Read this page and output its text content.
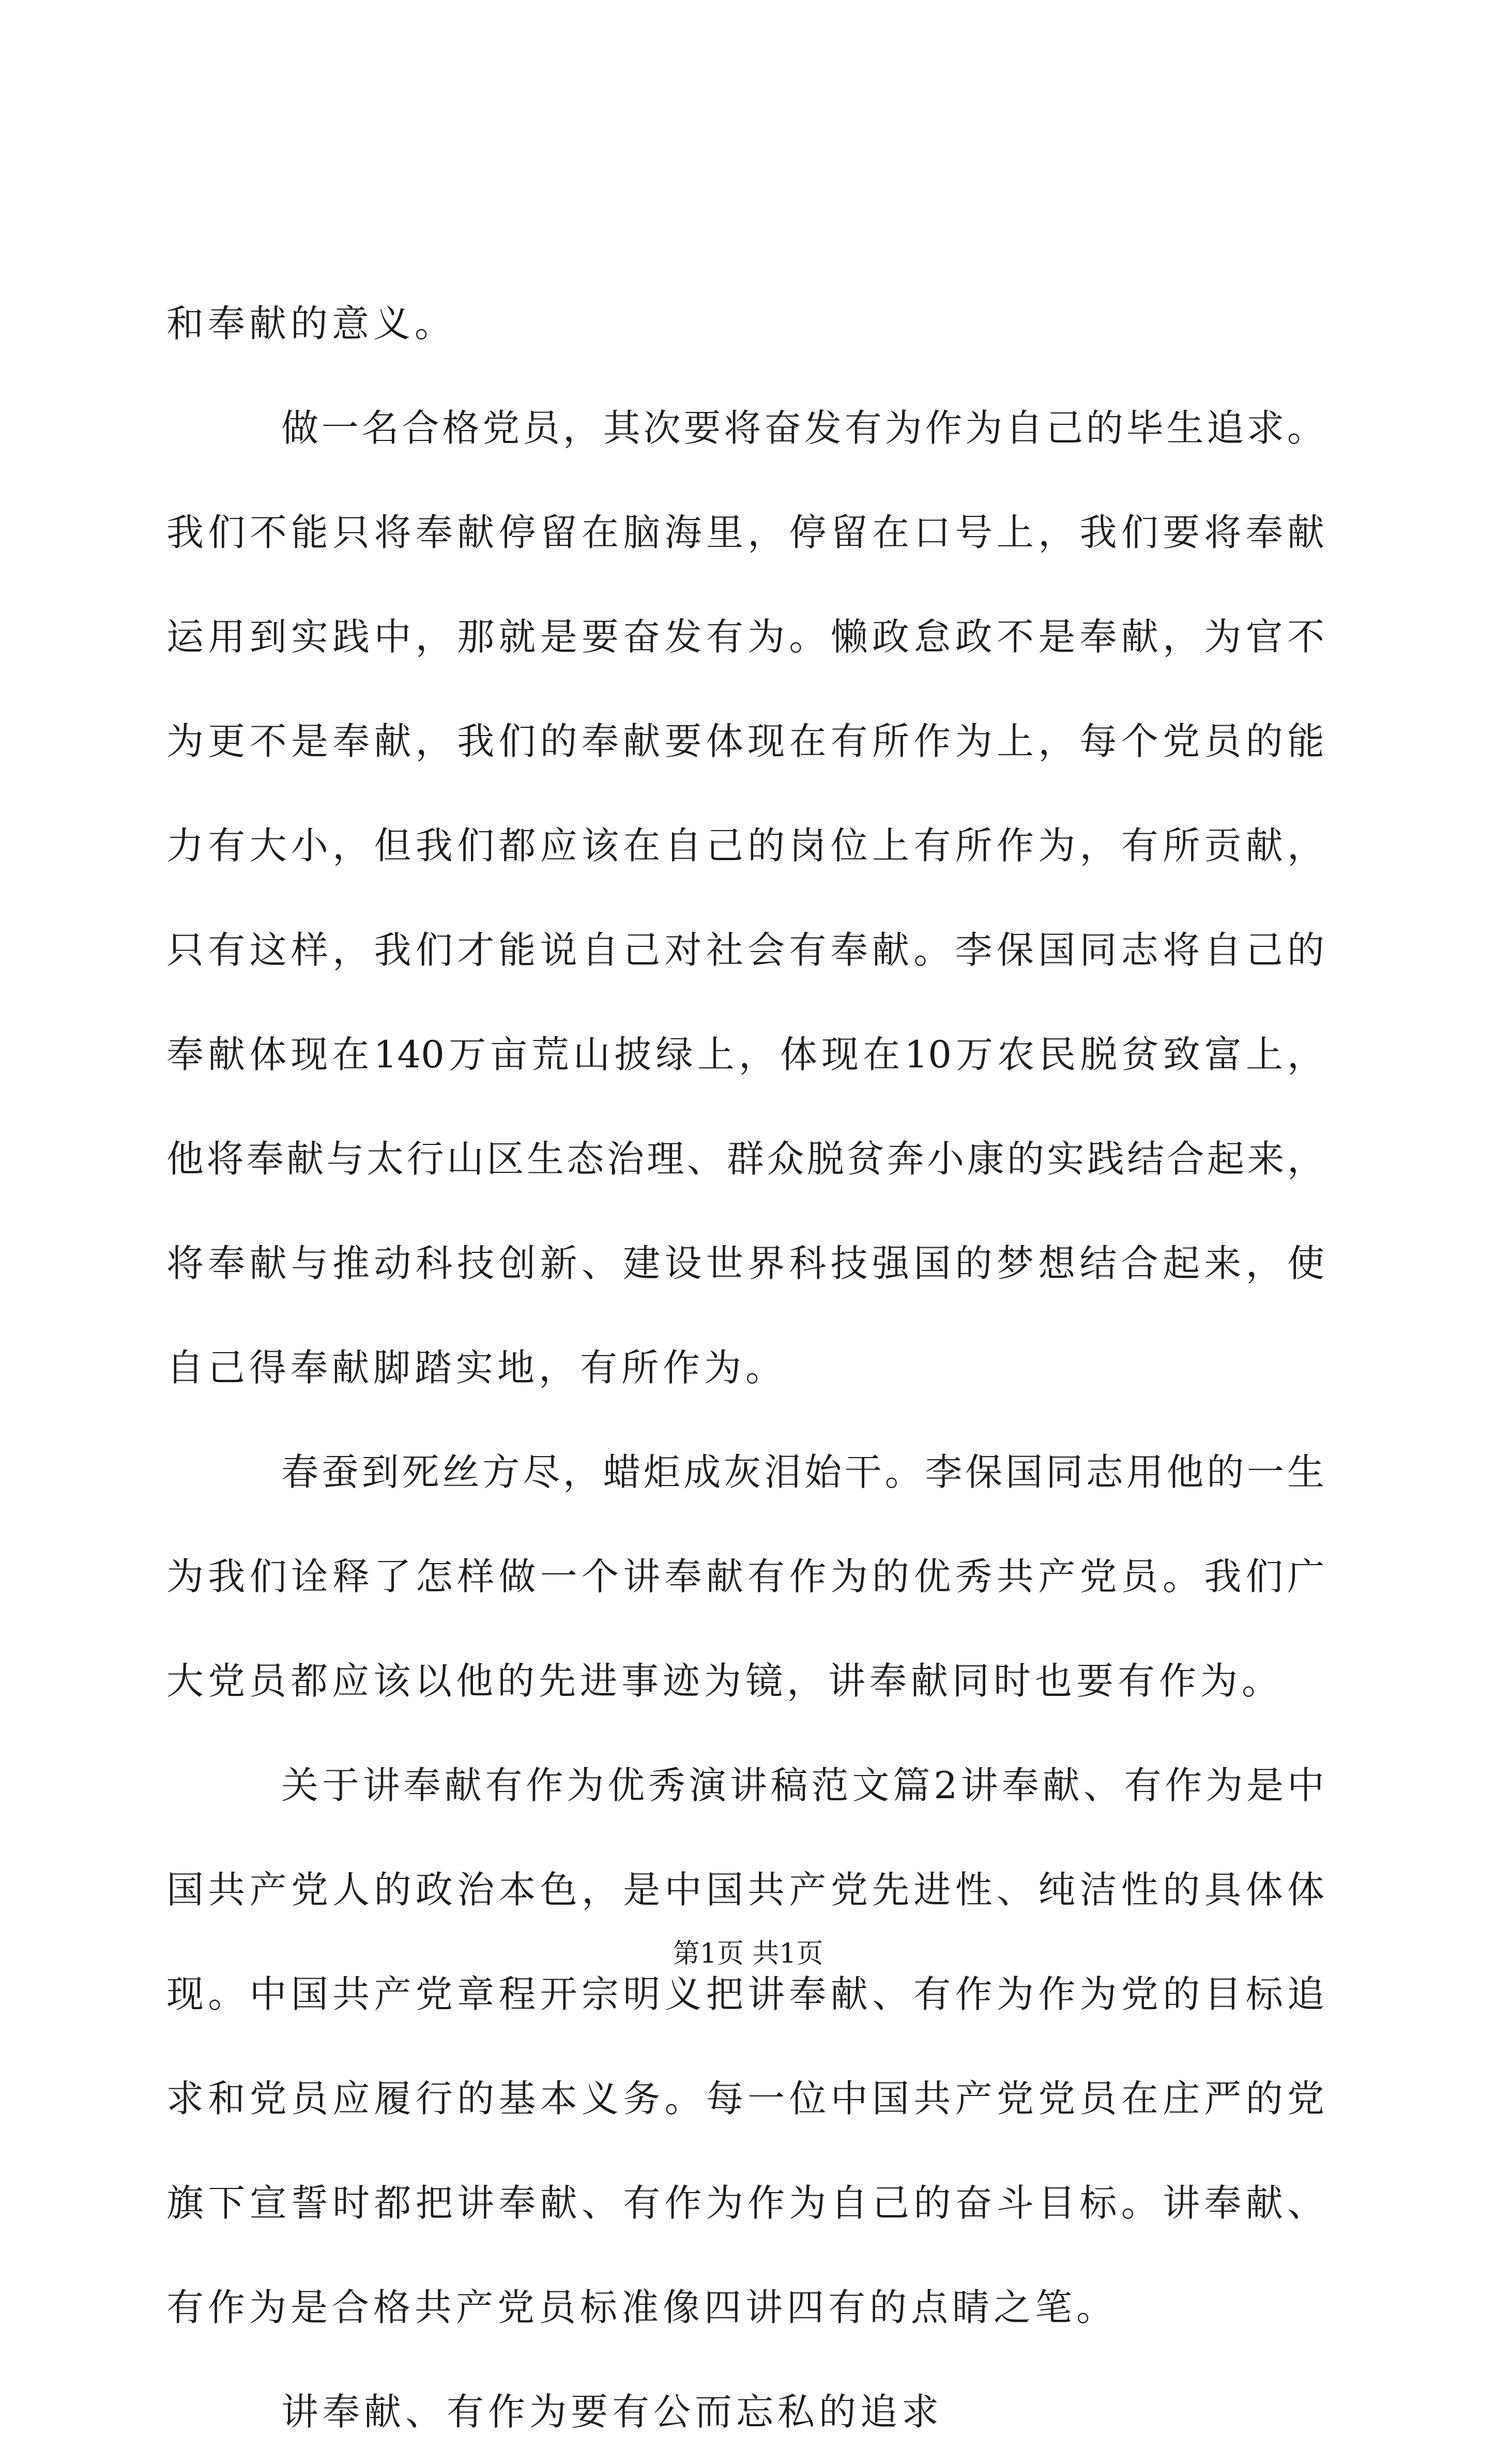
和奉献的意义。
做一名合格党员，其次要将奋发有为作为自己的毕生追求。
我们不能只将奉献停留在脑海里，停留在口号上，我们要将奉献
运用到实践中，那就是要奋发有为。懒政怠政不是奉献，为官不
为更不是奉献，我们的奉献要体现在有所作为上，每个党员的能
力有大小，但我们都应该在自己的岗位上有所作为，有所贡献，
只有这样，我们才能说自己对社会有奉献。李保国同志将自己的
奉献体现在140万亩荒山披绿上，体现在10万农民脱贫致富上，
他将奉献与太行山区生态治理、群众脱贫奔小康的实践结合起来，
将奉献与推动科技创新、建设世界科技强国的梦想结合起来，使
自己得奉献脚踏实地，有所作为。
春蚕到死丝方尽，蜡炬成灰泪始干。李保国同志用他的一生
为我们诠释了怎样做一个讲奉献有作为的优秀共产党员。我们广
大党员都应该以他的先进事迹为镜，讲奉献同时也要有作为。
关于讲奉献有作为优秀演讲稿范文篇2讲奉献、有作为是中
国共产党人的政治本色，是中国共产党先进性、纯洁性的具体体
现。中国共产党章程开宗明义把讲奉献、有作为作为党的目标追
求和党员应履行的基本义务。每一位中国共产党党员在庄严的党
旗下宣誓时都把讲奉献、有作为作为自己的奋斗目标。讲奉献、
有作为是合格共产党员标准像四讲四有的点睛之笔。
讲奉献、有作为要有公而忘私的追求
第1页 共1页
